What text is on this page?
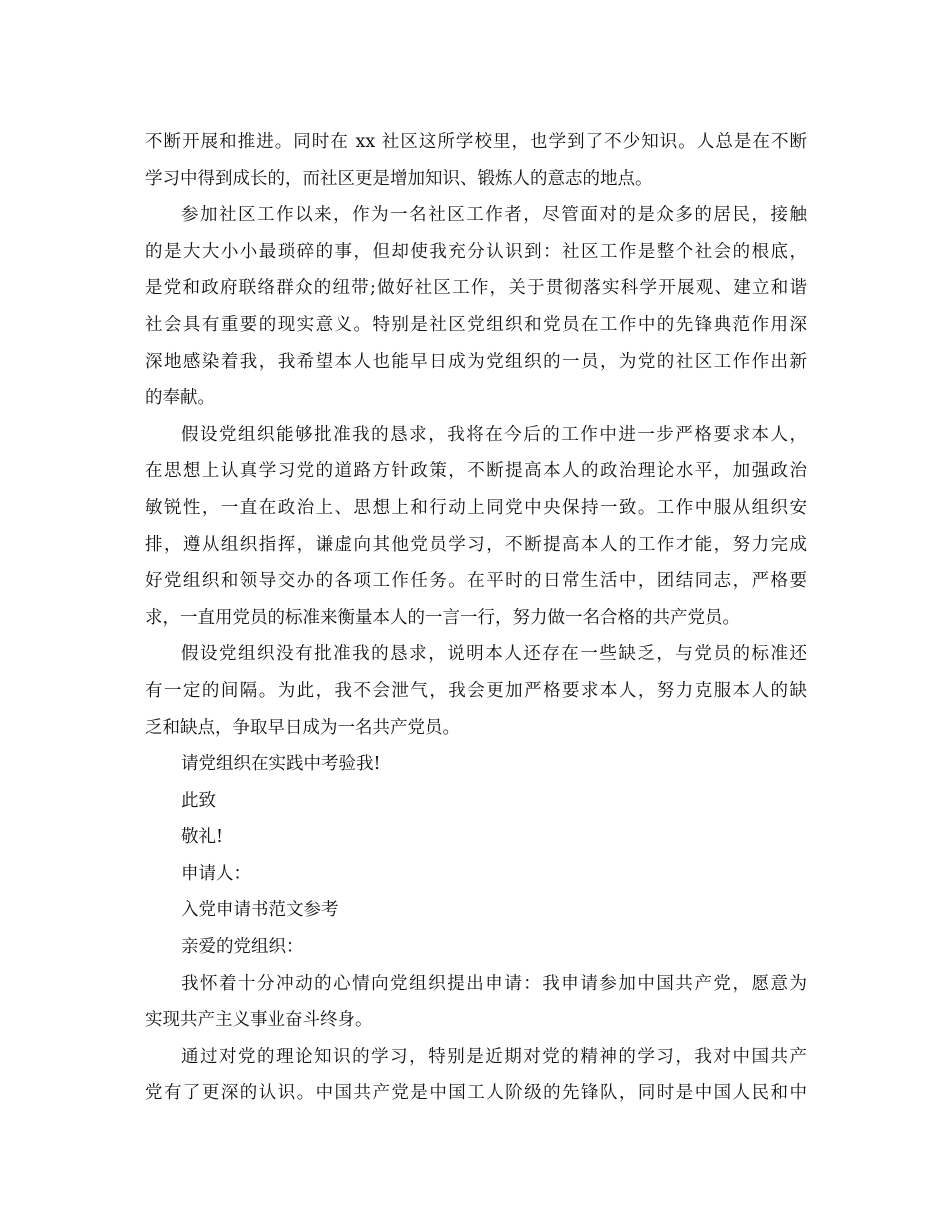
不断开展和推进。同时在 xx 社区这所学校里，也学到了不少知识。人总是在不断
学习中得到成长的，而社区更是增加知识、锻炼人的意志的地点。
参加社区工作以来，作为一名社区工作者，尽管面对的是众多的居民，接触
的是大大小小最琐碎的事，但却使我充分认识到：社区工作是整个社会的根底，
是党和政府联络群众的纽带;做好社区工作，关于贯彻落实科学开展观、建立和谐
社会具有重要的现实意义。特别是社区党组织和党员在工作中的先锋典范作用深
深地感染着我，我希望本人也能早日成为党组织的一员，为党的社区工作作出新
的奉献。
假设党组织能够批准我的恳求，我将在今后的工作中进一步严格要求本人，
在思想上认真学习党的道路方针政策，不断提高本人的政治理论水平，加强政治
敏锐性，一直在政治上、思想上和行动上同党中央保持一致。工作中服从组织安
排，遵从组织指挥，谦虚向其他党员学习，不断提高本人的工作才能，努力完成
好党组织和领导交办的各项工作任务。在平时的日常生活中，团结同志，严格要
求，一直用党员的标准来衡量本人的一言一行，努力做一名合格的共产党员。
假设党组织没有批准我的恳求，说明本人还存在一些缺乏，与党员的标准还
有一定的间隔。为此，我不会泄气，我会更加严格要求本人，努力克服本人的缺
乏和缺点，争取早日成为一名共产党员。
请党组织在实践中考验我!
此致
敬礼!
申请人：
入党申请书范文参考
亲爱的党组织：
我怀着十分冲动的心情向党组织提出申请：我申请参加中国共产党，愿意为
实现共产主义事业奋斗终身。
通过对党的理论知识的学习，特别是近期对党的精神的学习，我对中国共产
党有了更深的认识。中国共产党是中国工人阶级的先锋队，同时是中国人民和中
